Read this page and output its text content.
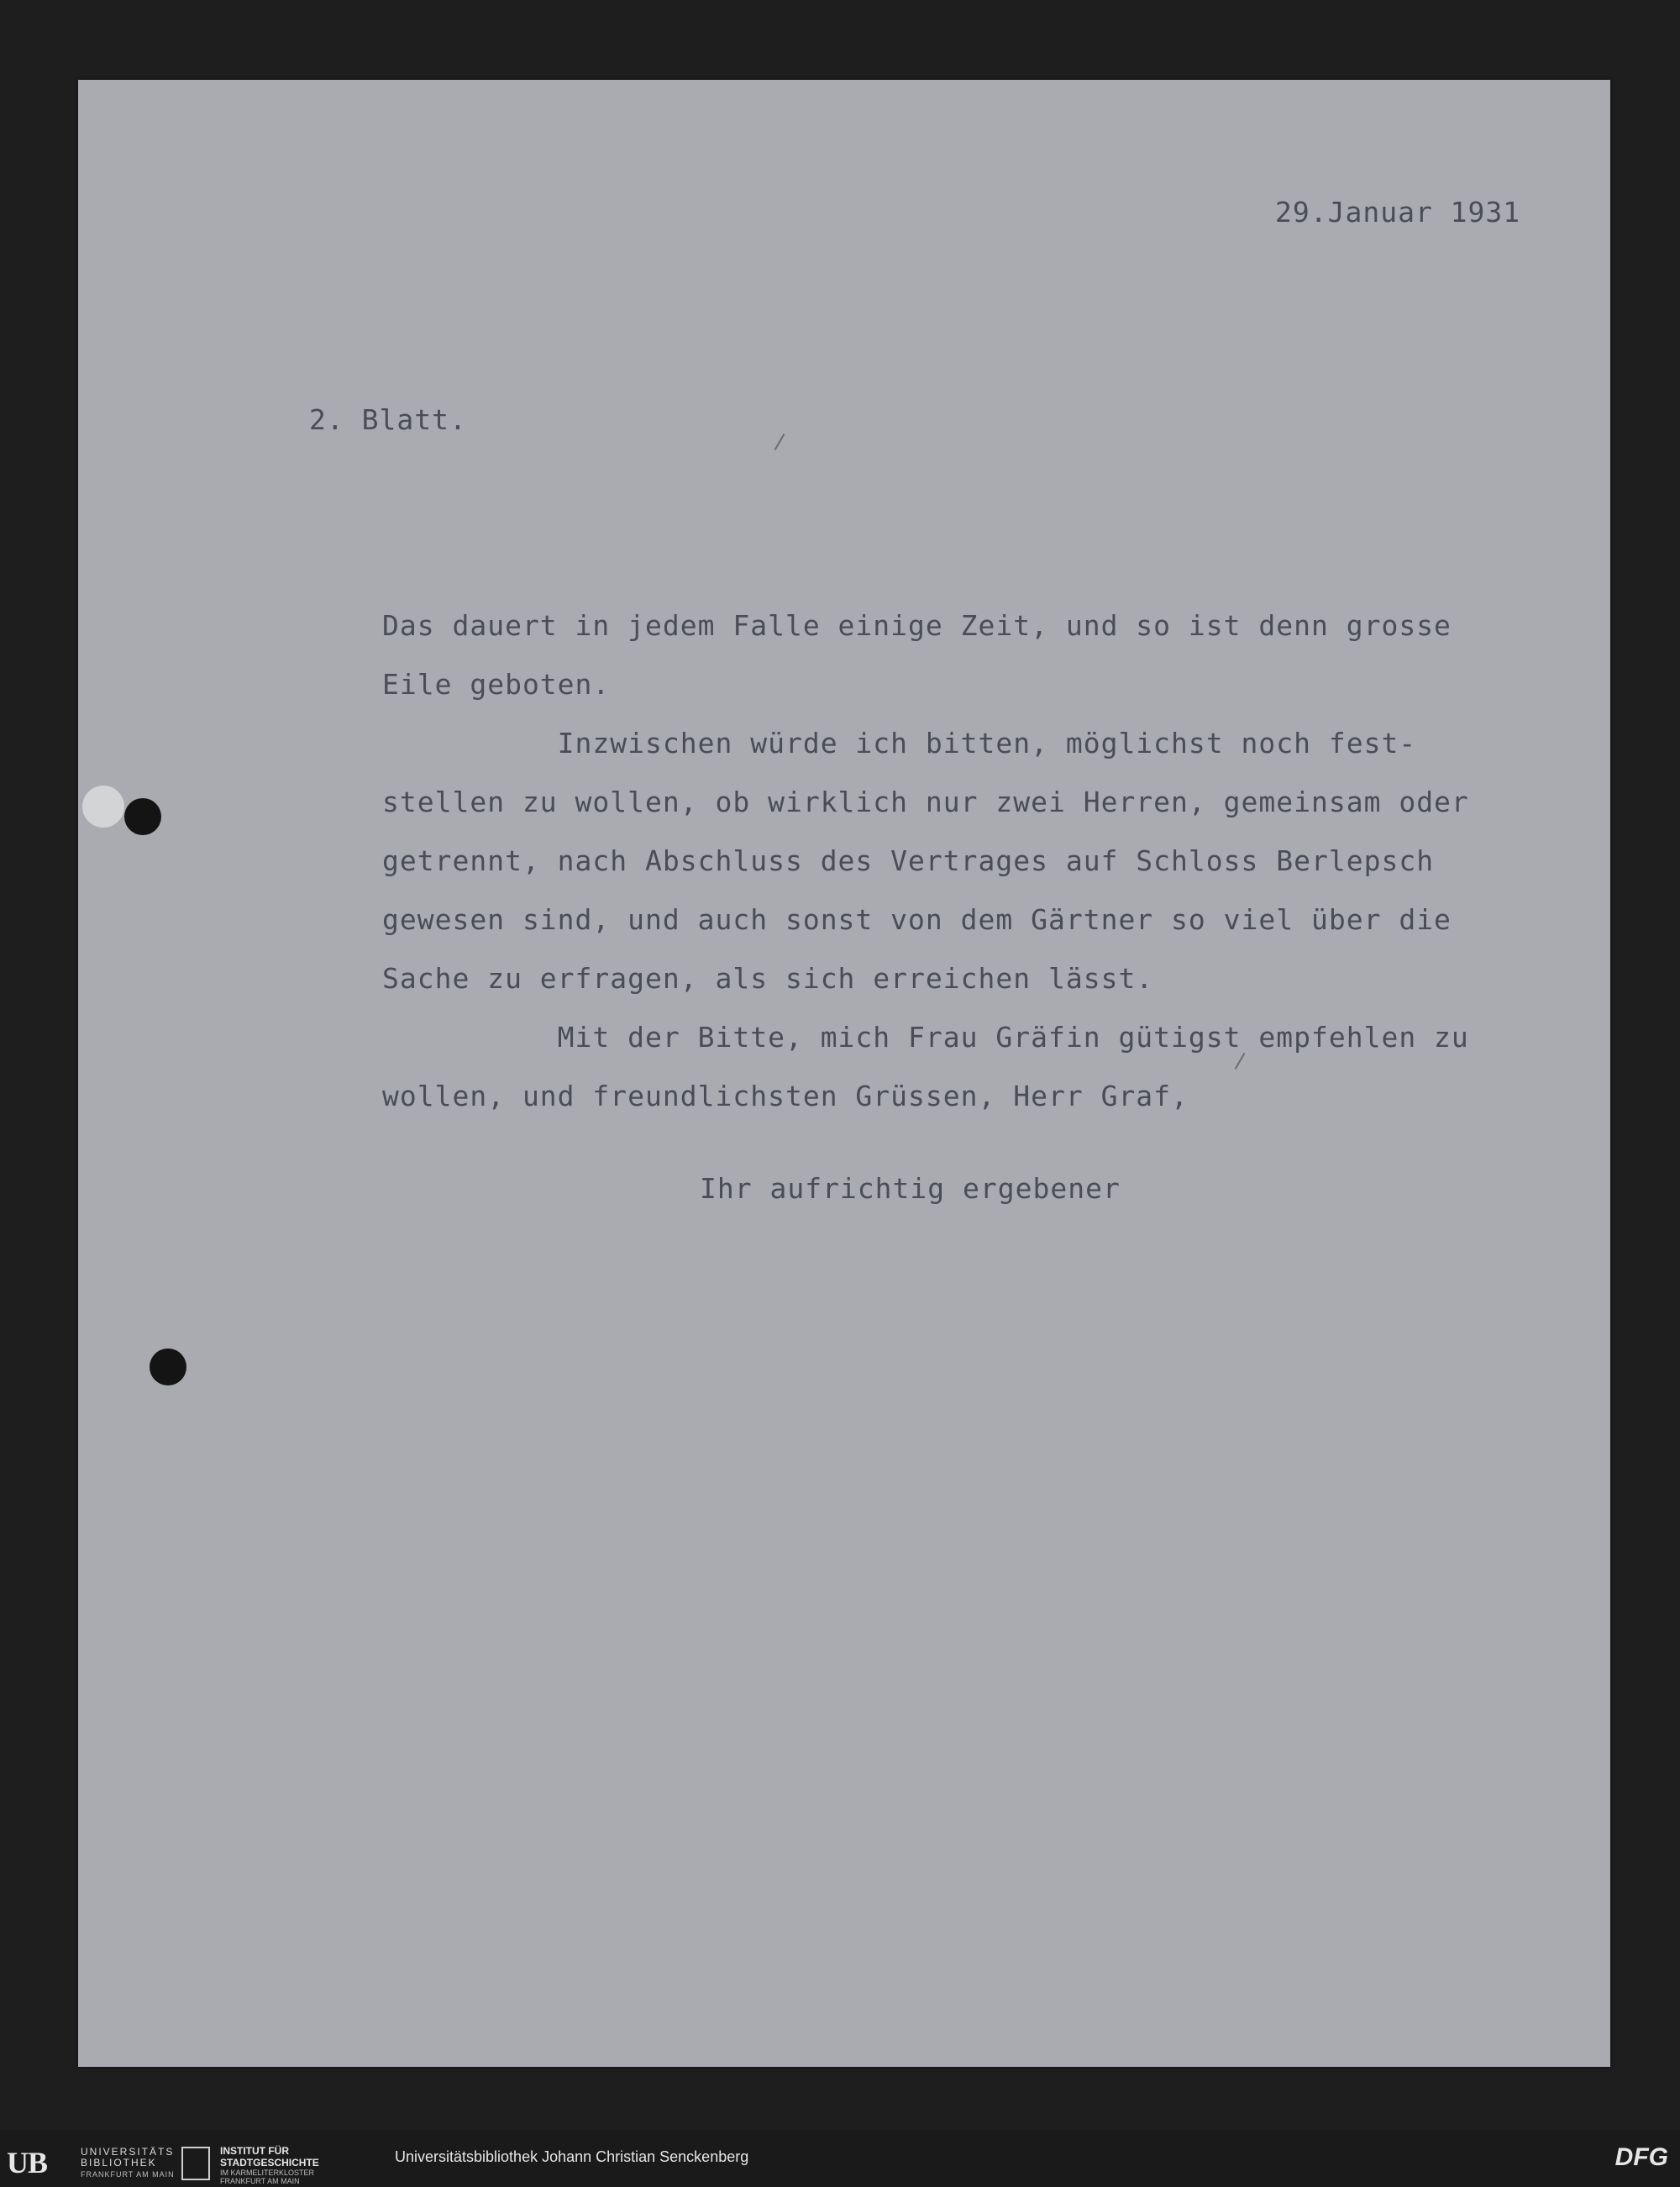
29.Januar 1931
2. Blatt.
Das dauert in jedem Falle einige Zeit, und so ist denn grosse
Eile geboten.
Inzwischen würde ich bitten, möglichst noch fest-
stellen zu wollen, ob wirklich nur zwei Herren, gemeinsam oder
getrennt, nach Abschluss des Vertrages auf Schloss Berlepsch
gewesen sind, und auch sonst von dem Gärtner so viel über die
Sache zu erfragen, als sich erreichen lässt.
Mit der Bitte, mich Frau Gräfin gütigst empfehlen zu
wollen, und freundlichsten Grüssen, Herr Graf,
Ihr aufrichtig ergebener
UB	UNIVERSITÄTS
BIBLIOTHEK
FRANKFURT AM MAIN
INSTITUT FÜR
STADTGESCHICHTE
IM KARMELITERKLOSTER
FRANKFURT AM MAIN
Universitätsbibliothek Johann Christian Senckenberg	DFG
